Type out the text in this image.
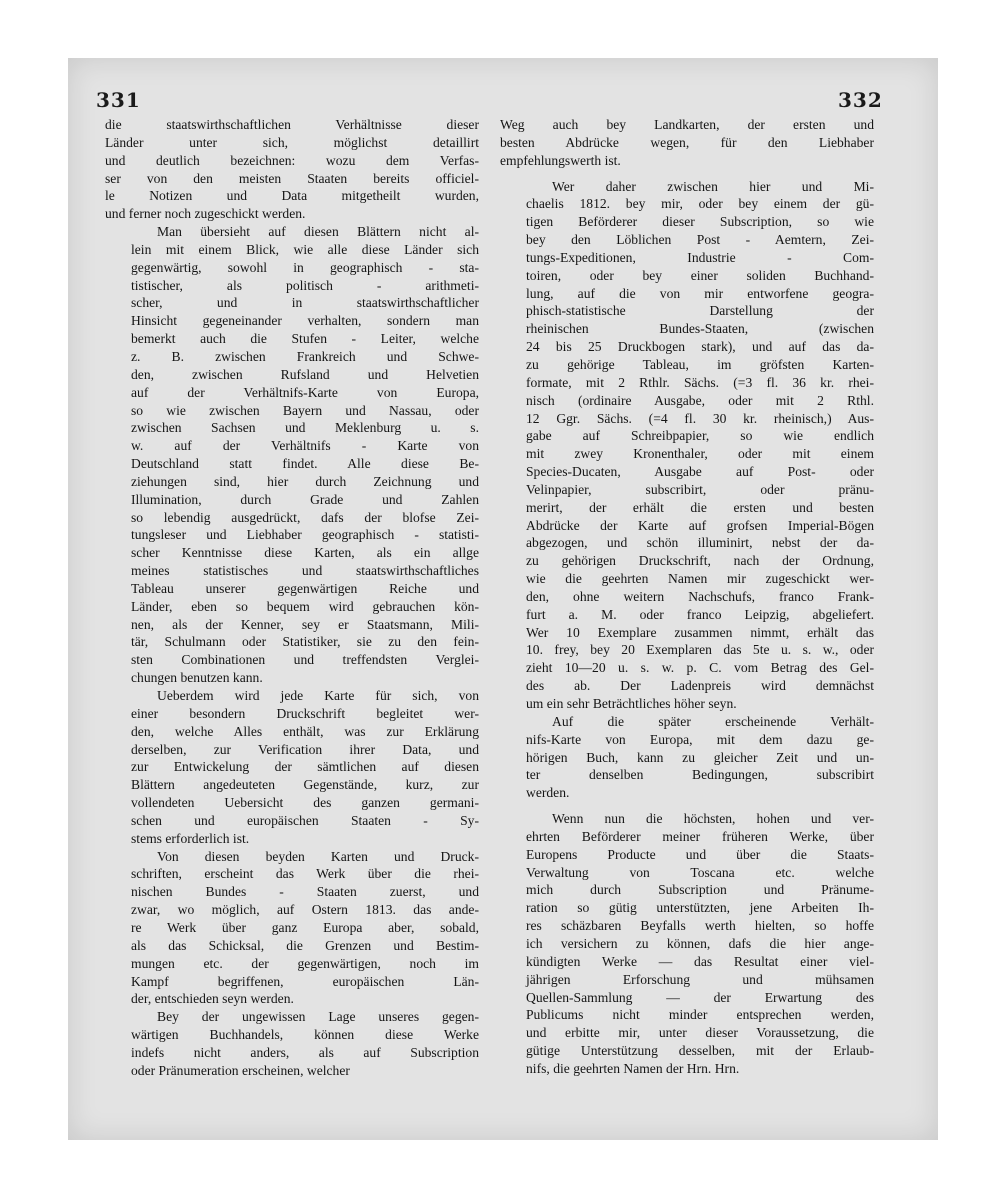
331	332
die staatswirthschaftlichen Verhältnisse dieser
Länder unter sich, möglichst detaillirt
und deutlich bezeichnen: wozu dem Verfas-
ser von den meisten Staaten bereits officiel-
le Notizen und Data mitgetheilt wurden,
und ferner noch zugeschickt werden.
Man übersieht auf diesen Blättern nicht al-
lein mit einem Blick, wie alle diese Länder sich
gegenwärtig, sowohl in geographisch - sta-
tistischer, als politisch - arithmeti-
scher, und in staatswirthschaftlicher
Hinsicht gegeneinander verhalten, sondern man
bemerkt auch die Stufen - Leiter, welche
z. B. zwischen Frankreich und Schwe-
den, zwischen Rufsland und Helvetien
auf der Verhältnifs-Karte von Europa,
so wie zwischen Bayern und Nassau, oder
zwischen Sachsen und Meklenburg u. s.
w. auf der Verhältnifs - Karte von
Deutschland statt findet. Alle diese Be-
ziehungen sind, hier durch Zeichnung und
Illumination, durch Grade und Zahlen
so lebendig ausgedrückt, dafs der blofse Zei-
tungsleser und Liebhaber geographisch - statisti-
scher Kenntnisse diese Karten, als ein allge
meines statistisches und staatswirthschaftliches
Tableau unserer gegenwärtigen Reiche und
Länder, eben so bequem wird gebrauchen kön-
nen, als der Kenner, sey er Staatsmann, Mili-
tär, Schulmann oder Statistiker, sie zu den fein-
sten Combinationen und treffendsten Verglei-
chungen benutzen kann.
Ueberdem wird jede Karte für sich, von
einer besondern Druckschrift begleitet wer-
den, welche Alles enthält, was zur Erklärung
derselben, zur Verification ihrer Data, und
zur Entwickelung der sämtlichen auf diesen
Blättern angedeuteten Gegenstände, kurz, zur
vollendeten Uebersicht des ganzen germani-
schen und europäischen Staaten - Sy-
stems erforderlich ist.
Von diesen beyden Karten und Druck-
schriften, erscheint das Werk über die rhei-
nischen Bundes - Staaten zuerst, und
zwar, wo möglich, auf Ostern 1813. das ande-
re Werk über ganz Europa aber, sobald,
als das Schicksal, die Grenzen und Bestim-
mungen etc. der gegenwärtigen, noch im
Kampf begriffenen, europäischen Län-
der, entschieden seyn werden.
Bey der ungewissen Lage unseres gegen-
wärtigen Buchhandels, können diese Werke
indefs nicht anders, als auf Subscription
oder Pränumeration erscheinen, welcher
Weg auch bey Landkarten, der ersten und
besten Abdrücke wegen, für den Liebhaber
empfehlungswerth ist.
Wer daher zwischen hier und Mi-
chaelis 1812. bey mir, oder bey einem der gü-
tigen Beförderer dieser Subscription, so wie
bey den Löblichen Post - Aemtern, Zei-
tungs-Expeditionen, Industrie - Com-
toiren, oder bey einer soliden Buchhand-
lung, auf die von mir entworfene geogra-
phisch-statistische Darstellung der
rheinischen Bundes-Staaten, (zwischen
24 bis 25 Druckbogen stark), und auf das da-
zu gehörige Tableau, im gröfsten Karten-
formate, mit 2 Rthlr. Sächs. (=3 fl. 36 kr. rhei-
nisch (ordinaire Ausgabe, oder mit 2 Rthl.
12 Ggr. Sächs. (=4 fl. 30 kr. rheinisch,) Aus-
gabe auf Schreibpapier, so wie endlich
mit zwey Kronenthaler, oder mit einem
Species-Ducaten, Ausgabe auf Post- oder
Velinpapier, subscribirt, oder pränu-
merirt, der erhält die ersten und besten
Abdrücke der Karte auf grofsen Imperial-Bögen
abgezogen, und schön illuminirt, nebst der da-
zu gehörigen Druckschrift, nach der Ordnung,
wie die geehrten Namen mir zugeschickt wer-
den, ohne weitern Nachschufs, franco Frank-
furt a. M. oder franco Leipzig, abgeliefert.
Wer 10 Exemplare zusammen nimmt, erhält das
10. frey, bey 20 Exemplaren das 5te u. s. w., oder
zieht 10—20 u. s. w. p. C. vom Betrag des Gel-
des ab. Der Ladenpreis wird demnächst
um ein sehr Beträchtliches höher seyn.
Auf die später erscheinende Verhält-
nifs-Karte von Europa, mit dem dazu ge-
hörigen Buch, kann zu gleicher Zeit und un-
ter denselben Bedingungen, subscribirt
werden.
Wenn nun die höchsten, hohen und ver-
ehrten Beförderer meiner früheren Werke, über
Europens Producte und über die Staats-
Verwaltung von Toscana etc. welche
mich durch Subscription und Pränume-
ration so gütig unterstützten, jene Arbeiten Ih-
res schäzbaren Beyfalls werth hielten, so hoffe
ich versichern zu können, dafs die hier ange-
kündigten Werke — das Resultat einer viel-
jährigen Erforschung und mühsamen
Quellen-Sammlung — der Erwartung des
Publicums nicht minder entsprechen werden,
und erbitte mir, unter dieser Voraussetzung, die
gütige Unterstützung desselben, mit der Erlaub-
nifs, die geehrten Namen der Hrn. Hrn.
